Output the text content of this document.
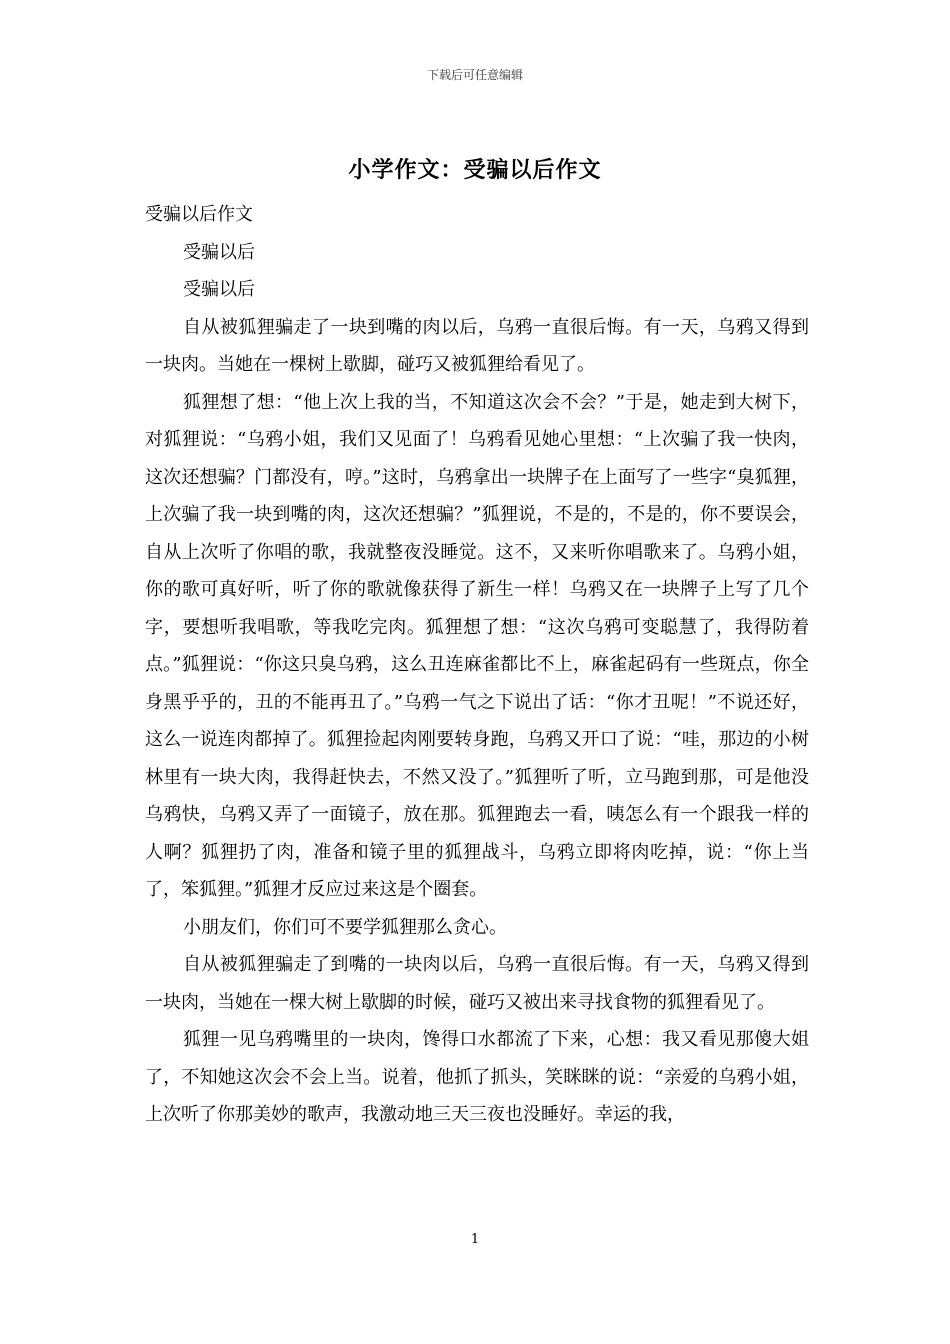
下载后可任意编辑
小学作文：受骗以后作文

受骗以后作文

受骗以后

受骗以后

自从被狐狸骗走了一块到嘴的肉以后，乌鸦一直很后悔。有一天，乌鸦又得到一块肉。当她在一棵树上歇脚，碰巧又被狐狸给看见了。

狐狸想了想：“他上次上我的当，不知道这次会不会？”于是，她走到大树下，对狐狸说：“乌鸦小姐，我们又见面了！乌鸦看见她心里想：“上次骗了我一快肉，这次还想骗？门都没有，哼。”这时，乌鸦拿出一块牌子在上面写了一些字“臭狐狸，上次骗了我一块到嘴的肉，这次还想骗？”狐狸说，不是的，不是的，你不要误会，自从上次听了你唱的歌，我就整夜没睡觉。这不，又来听你唱歌来了。乌鸦小姐，你的歌可真好听，听了你的歌就像获得了新生一样！乌鸦又在一块牌子上写了几个字，要想听我唱歌，等我吃完肉。狐狸想了想：“这次乌鸦可变聪慧了，我得防着点。”狐狸说：“你这只臭乌鸦，这么丑连麻雀都比不上，麻雀起码有一些斑点，你全身黑乎乎的，丑的不能再丑了。”乌鸦一气之下说出了话：“你才丑呢！”不说还好，这么一说连肉都掉了。狐狸捡起肉刚要转身跑，乌鸦又开口了说：“哇，那边的小树林里有一块大肉，我得赶快去，不然又没了。”狐狸听了听，立马跑到那，可是他没乌鸦快，乌鸦又弄了一面镜子，放在那。狐狸跑去一看，咦怎么有一个跟我一样的人啊？狐狸扔了肉，准备和镜子里的狐狸战斗，乌鸦立即将肉吃掉，说：“你上当了，笨狐狸。”狐狸才反应过来这是个圈套。

小朋友们，你们可不要学狐狸那么贪心。

自从被狐狸骗走了到嘴的一块肉以后，乌鸦一直很后悔。有一天，乌鸦又得到一块肉，当她在一棵大树上歇脚的时候，碰巧又被出来寻找食物的狐狸看见了。

狐狸一见乌鸦嘴里的一块肉，馋得口水都流了下来，心想：我又看见那傻大姐了，不知她这次会不会上当。说着，他抓了抓头，笑眯眯的说：“亲爱的乌鸦小姐，上次听了你那美妙的歌声，我激动地三天三夜也没睡好。幸运的我，

1
